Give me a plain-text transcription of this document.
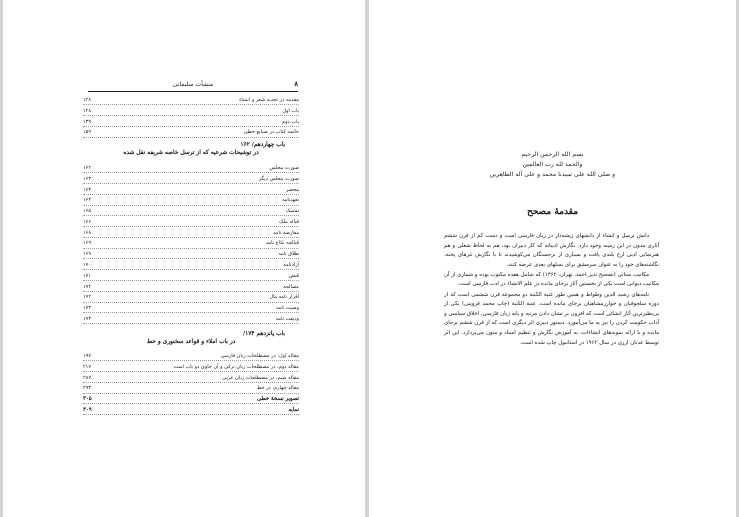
۸
منشآت سلیمانی
مقدمه در تجدید شعر و انشاء
۱۲۸
باب اول
۱۲۸
باب دوم
۱۳۹
خاتمه کتاب در صنایع خطی
۱۵۹
باب چهاردهم/ ۱۶۲
در توشیحات شرعیه که از ترسل خاصه شریفه نقل شده
صورت مجلس
۱۶۲
صورت مجلس دیگر
۱۶۳
محضر
۱۶۴
تعهدنامه
۱۶۴
تمسک
۱۶۵
قباله ملک
۱۶۶
مفارضه نامه
۱۶۸
قبالچه نکاح نامه
۱۶۹
طلاق نامه
۱۶۹
آزادنامه
۱۷۰
قبض
۱۷۱
مصالحه
۱۷۲
اقرار نامه مال
۱۷۲
وصیت نامه
۱۷۳
ودیعت نامه
۱۷۳
باب پانزدهم ۱۷۴/
در باب املاء و قواعد سخنوری و خط
مقاله اول: در مصطلحات زبان فارسی
۱۹۷
مقاله دوم: در مصطلحات زبان ترکی و آن حاوی دو باب است
۲۱۷
مقاله سیم: در مصطلحات زبان عربی
۲۸۷
مقاله چهارم: در خط
۲۹۳
تصویر نسخهٔ خطی
۳۰۵
نمایه
۳۰۹
بسم الله الرحمن الرحیم
والحمد لله رب العالمین
و صلی الله علی سیدنا محمد و علی آله الطاهرین
مقدمهٔ مصحح

دانش ترسل و انشاء از دانشهای ریشه‌دار در زبان فارسی است و دست کم از قرن ششم آثاری مدون در این زمینه وجود دارد. نگارش ادیبانه که کار دبیران بود، هم به لحاظ شغلی و هم هنرنمایی ادبی ارج بلندی یافت و بسیاری از برجستگان می‌کوشیدند تا با نگارش نثرهای پخته، نگاشته‌های خود را به عنوان سرمشق برای نسلهای بعدی عرضه کنند.

مکاتیب سنائی (تصحیح نذیر احمد، تهران، ۱۳۶۲) که شامل هفده مکتوب بوده و شماری از آن مکاتیب دیوانی است یکی از نخستین آثار برجای مانده در علم الانشاء در ادب فارسی است.

نامه‌های رشید الدین وطواط و همین طور عتبة الکتبة دو مجموعه قرن ششمی است که از دوره سلجوقیان و خوارزمشاهیان برجای مانده است. عتبة الکتبة (چاپ محمد قزوینی) یکی از بی‌نظیرترین آثار انشائی است که افزون بر نشان دادن مرتبه و پایه زبان فارسی، اخلاق سیاسی و آداب حکومت کردن را نیز به ما می‌آموزد. دستور دبیری اثر دیگری است که از قرن ششم برجای مانده و با ارائه نمونه‌های انشاءات، به آموزش نگارش و تنظیم اسناد و متون می‌پردازد. این اثر توسط عدنان ارزی در سال ۱۹۶۲ در استانبول چاپ شده است.
